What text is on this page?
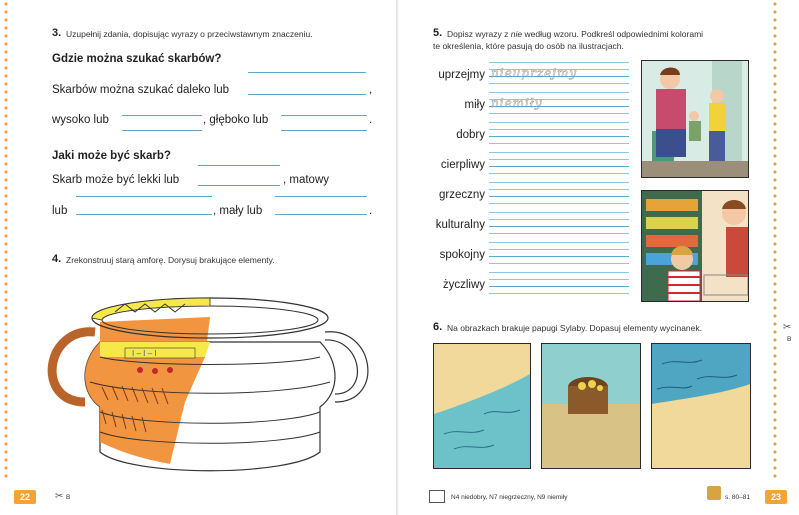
3. Uzupełnij zdania, dopisując wyrazy o przeciwstawnym znaczeniu.
Gdzie można szukać skarbów?
Skarbów można szukać daleko lub	,
wysoko lub	, głęboko lub	.
Jaki może być skarb?
Skarb może być lekki lub	, matowy
lub	, mały lub	.
4. Zrekonstruuj starą amforę. Dorysuj brakujące elementy.
I – I – I
22	✂ B
5. Dopisz wyrazy z nie według wzoru. Podkreśl odpowiednimi kolorami
te określenia, które pasują do osób na ilustracjach.
uprzejmy
miły
dobry
cierpliwy
grzeczny
kulturalny
spokojny
życzliwy
nieuprzejmy
niemiły
6. Na obrazkach brakuje papugi Sylaby. Dopasuj elementy wycinanek.
N4 niedobry, N7 niegrzeczny, N9 niemiły	s. 80–81	23
✂
B
